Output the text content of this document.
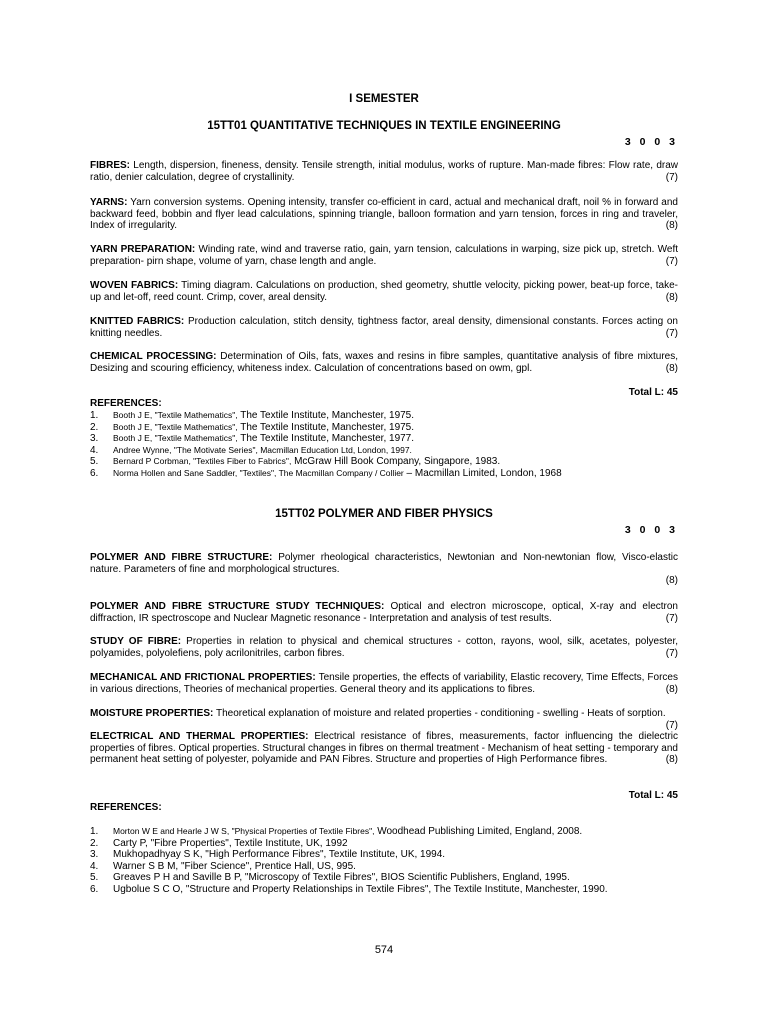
I SEMESTER
15TT01 QUANTITATIVE TECHNIQUES IN TEXTILE ENGINEERING
3 0 0 3
FIBRES: Length, dispersion, fineness, density. Tensile strength, initial modulus, works of rupture. Man-made fibres: Flow rate, draw ratio, denier calculation, degree of crystallinity.	(7)
YARNS: Yarn conversion systems. Opening intensity, transfer co-efficient in card, actual and mechanical draft, noil % in forward and backward feed, bobbin and flyer lead calculations, spinning triangle, balloon formation and yarn tension, forces in ring and traveler, Index of irregularity.	(8)
YARN PREPARATION: Winding rate, wind and traverse ratio, gain, yarn tension, calculations in warping, size pick up, stretch. Weft preparation- pirn shape, volume of yarn, chase length and angle.	(7)
WOVEN FABRICS: Timing diagram. Calculations on production, shed geometry, shuttle velocity, picking power, beat-up force, take-up and let-off, reed count. Crimp, cover, areal density.	(8)
KNITTED FABRICS: Production calculation, stitch density, tightness factor, areal density, dimensional constants. Forces acting on knitting needles.	(7)
CHEMICAL PROCESSING: Determination of Oils, fats, waxes and resins in fibre samples, quantitative analysis of fibre mixtures, Desizing and scouring efficiency, whiteness index. Calculation of concentrations based on owm, gpl.	(8)
Total L: 45
REFERENCES:
1.	Booth J E, "Textile Mathematics", The Textile Institute, Manchester, 1975.
2.	Booth J E, "Textile Mathematics", The Textile Institute, Manchester, 1975.
3.	Booth J E, "Textile Mathematics", The Textile Institute, Manchester, 1977.
4.	Andree Wynne, "The Motivate Series", Macmillan Education Ltd, London, 1997.
5.	Bernard P Corbman, "Textiles Fiber to Fabrics", McGraw Hill Book Company, Singapore, 1983.
6.	Norma Hollen and Sane Saddler, "Textiles", The Macmillan Company / Collier – Macmillan Limited, London, 1968
15TT02 POLYMER AND FIBER PHYSICS
3 0 0 3
POLYMER AND FIBRE STRUCTURE: Polymer rheological characteristics, Newtonian and Non-newtonian flow, Visco-elastic nature. Parameters of fine and morphological structures.
(8)
POLYMER AND FIBRE STRUCTURE STUDY TECHNIQUES: Optical and electron microscope, optical, X-ray and electron diffraction, IR spectroscope and Nuclear Magnetic resonance - Interpretation and analysis of test results.	(7)
STUDY OF FIBRE: Properties in relation to physical and chemical structures - cotton, rayons, wool, silk, acetates, polyester, polyamides, polyolefiens, poly acrilonitriles, carbon fibres.	(7)
MECHANICAL AND FRICTIONAL PROPERTIES: Tensile properties, the effects of variability, Elastic recovery, Time Effects, Forces in various directions, Theories of mechanical properties. General theory and its applications to fibres.	(8)
MOISTURE PROPERTIES: Theoretical explanation of moisture and related properties - conditioning - swelling - Heats of sorption.
(7)
ELECTRICAL AND THERMAL PROPERTIES: Electrical resistance of fibres, measurements, factor influencing the dielectric properties of fibres. Optical properties. Structural changes in fibres on thermal treatment - Mechanism of heat setting - temporary and permanent heat setting of polyester, polyamide and PAN Fibres. Structure and properties of High Performance fibres.	(8)
Total L: 45
REFERENCES:
1.	Morton W E and Hearle J W S, "Physical Properties of Textile Fibres", Woodhead Publishing Limited, England, 2008.
2.	Carty P, "Fibre Properties", Textile Institute, UK, 1992
3.	Mukhopadhyay S K, "High Performance Fibres", Textile Institute, UK, 1994.
4.	Warner S B M, "Fiber Science", Prentice Hall, US, 995.
5.	Greaves P H and Saville B P, "Microscopy of Textile Fibres", BIOS Scientific Publishers, England, 1995.
6.	Ugbolue S C O, "Structure and Property Relationships in Textile Fibres", The Textile Institute, Manchester, 1990.
574
